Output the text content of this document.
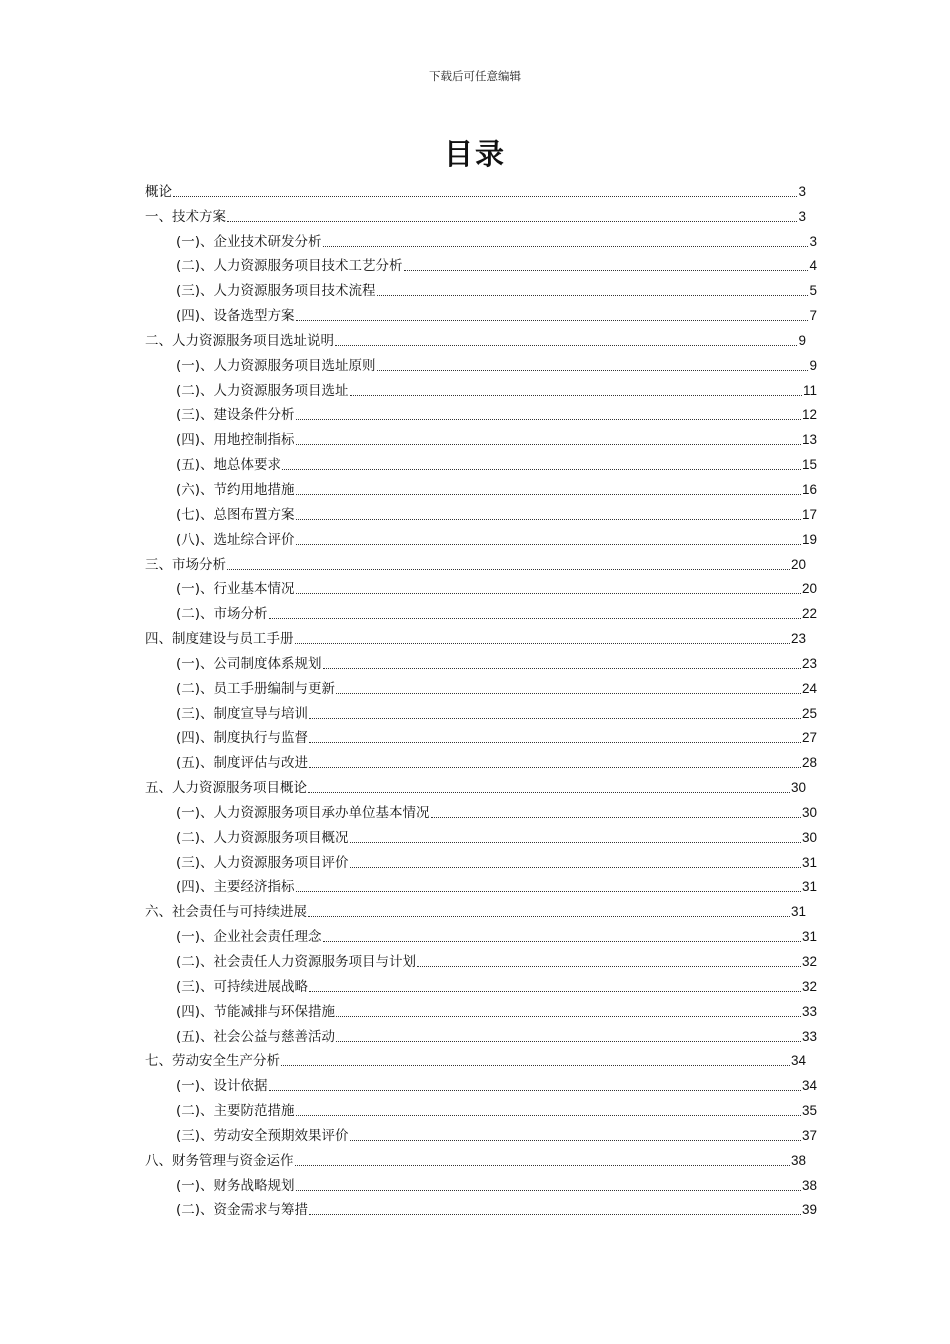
下载后可任意编辑
目录
概论	3
一、技术方案	3
(一)、企业技术研发分析	3
(二)、人力资源服务项目技术工艺分析	4
(三)、人力资源服务项目技术流程	5
(四)、设备选型方案	7
二、人力资源服务项目选址说明	9
(一)、人力资源服务项目选址原则	9
(二)、人力资源服务项目选址	11
(三)、建设条件分析	12
(四)、用地控制指标	13
(五)、地总体要求	15
(六)、节约用地措施	16
(七)、总图布置方案	17
(八)、选址综合评价	19
三、市场分析	20
(一)、行业基本情况	20
(二)、市场分析	22
四、制度建设与员工手册	23
(一)、公司制度体系规划	23
(二)、员工手册编制与更新	24
(三)、制度宣导与培训	25
(四)、制度执行与监督	27
(五)、制度评估与改进	28
五、人力资源服务项目概论	30
(一)、人力资源服务项目承办单位基本情况	30
(二)、人力资源服务项目概况	30
(三)、人力资源服务项目评价	31
(四)、主要经济指标	31
六、社会责任与可持续进展	31
(一)、企业社会责任理念	31
(二)、社会责任人力资源服务项目与计划	32
(三)、可持续进展战略	32
(四)、节能减排与环保措施	33
(五)、社会公益与慈善活动	33
七、劳动安全生产分析	34
(一)、设计依据	34
(二)、主要防范措施	35
(三)、劳动安全预期效果评价	37
八、财务管理与资金运作	38
(一)、财务战略规划	38
(二)、资金需求与筹措	39
